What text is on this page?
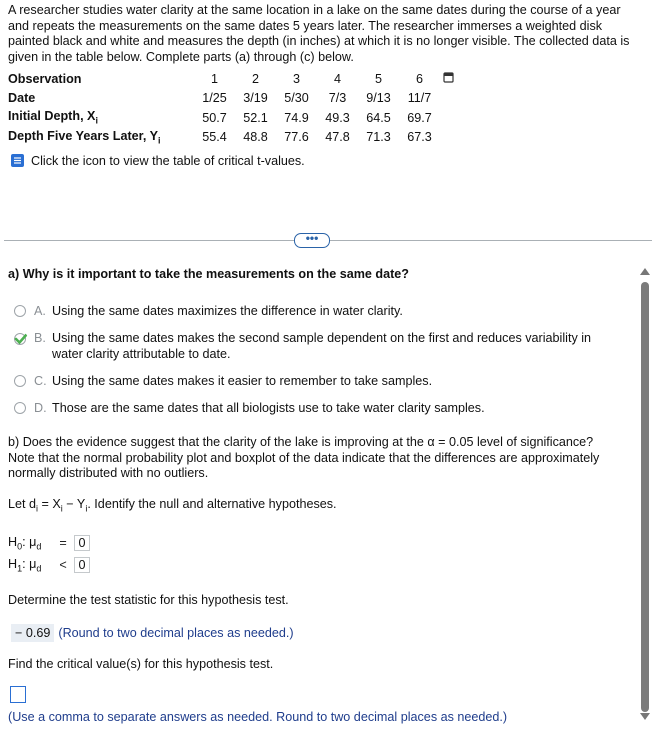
A researcher studies water clarity at the same location in a lake on the same dates during the course of a year and repeats the measurements on the same dates 5 years later. The researcher immerses a weighted disk painted black and white and measures the depth (in inches) at which it is no longer visible. The collected data is given in the table below. Complete parts (a) through (c) below.
Observation	1	2	3	4	5	6
Date	1/25	3/19	5/30	7/3	9/13	11/7
Initial Depth, $X_i$	50.7	52.1	74.9	49.3	64.5	69.7
Depth Five Years Later, $Y_i$	55.4	48.8	77.6	47.8	71.3	67.3
Click the icon to view the table of critical t-values.
•••
a) Why is it important to take the measurements on the same date?
A. Using the same dates maximizes the difference in water clarity.
B. Using the same dates makes the second sample dependent on the first and reduces variability in water clarity attributable to date.
C. Using the same dates makes it easier to remember to take samples.
D. Those are the same dates that all biologists use to take water clarity samples.
b) Does the evidence suggest that the clarity of the lake is improving at the α = 0.05 level of significance? Note that the normal probability plot and boxplot of the data indicate that the differences are approximately normally distributed with no outliers.
Let $d_i = X_i - Y_i$. Identify the null and alternative hypotheses.
$H_0$: $\mu_d$	= 0
$H_1$: $\mu_d$	< 0
Determine the test statistic for this hypothesis test.
− 0.69 (Round to two decimal places as needed.)
Find the critical value(s) for this hypothesis test.
(Use a comma to separate answers as needed. Round to two decimal places as needed.)
